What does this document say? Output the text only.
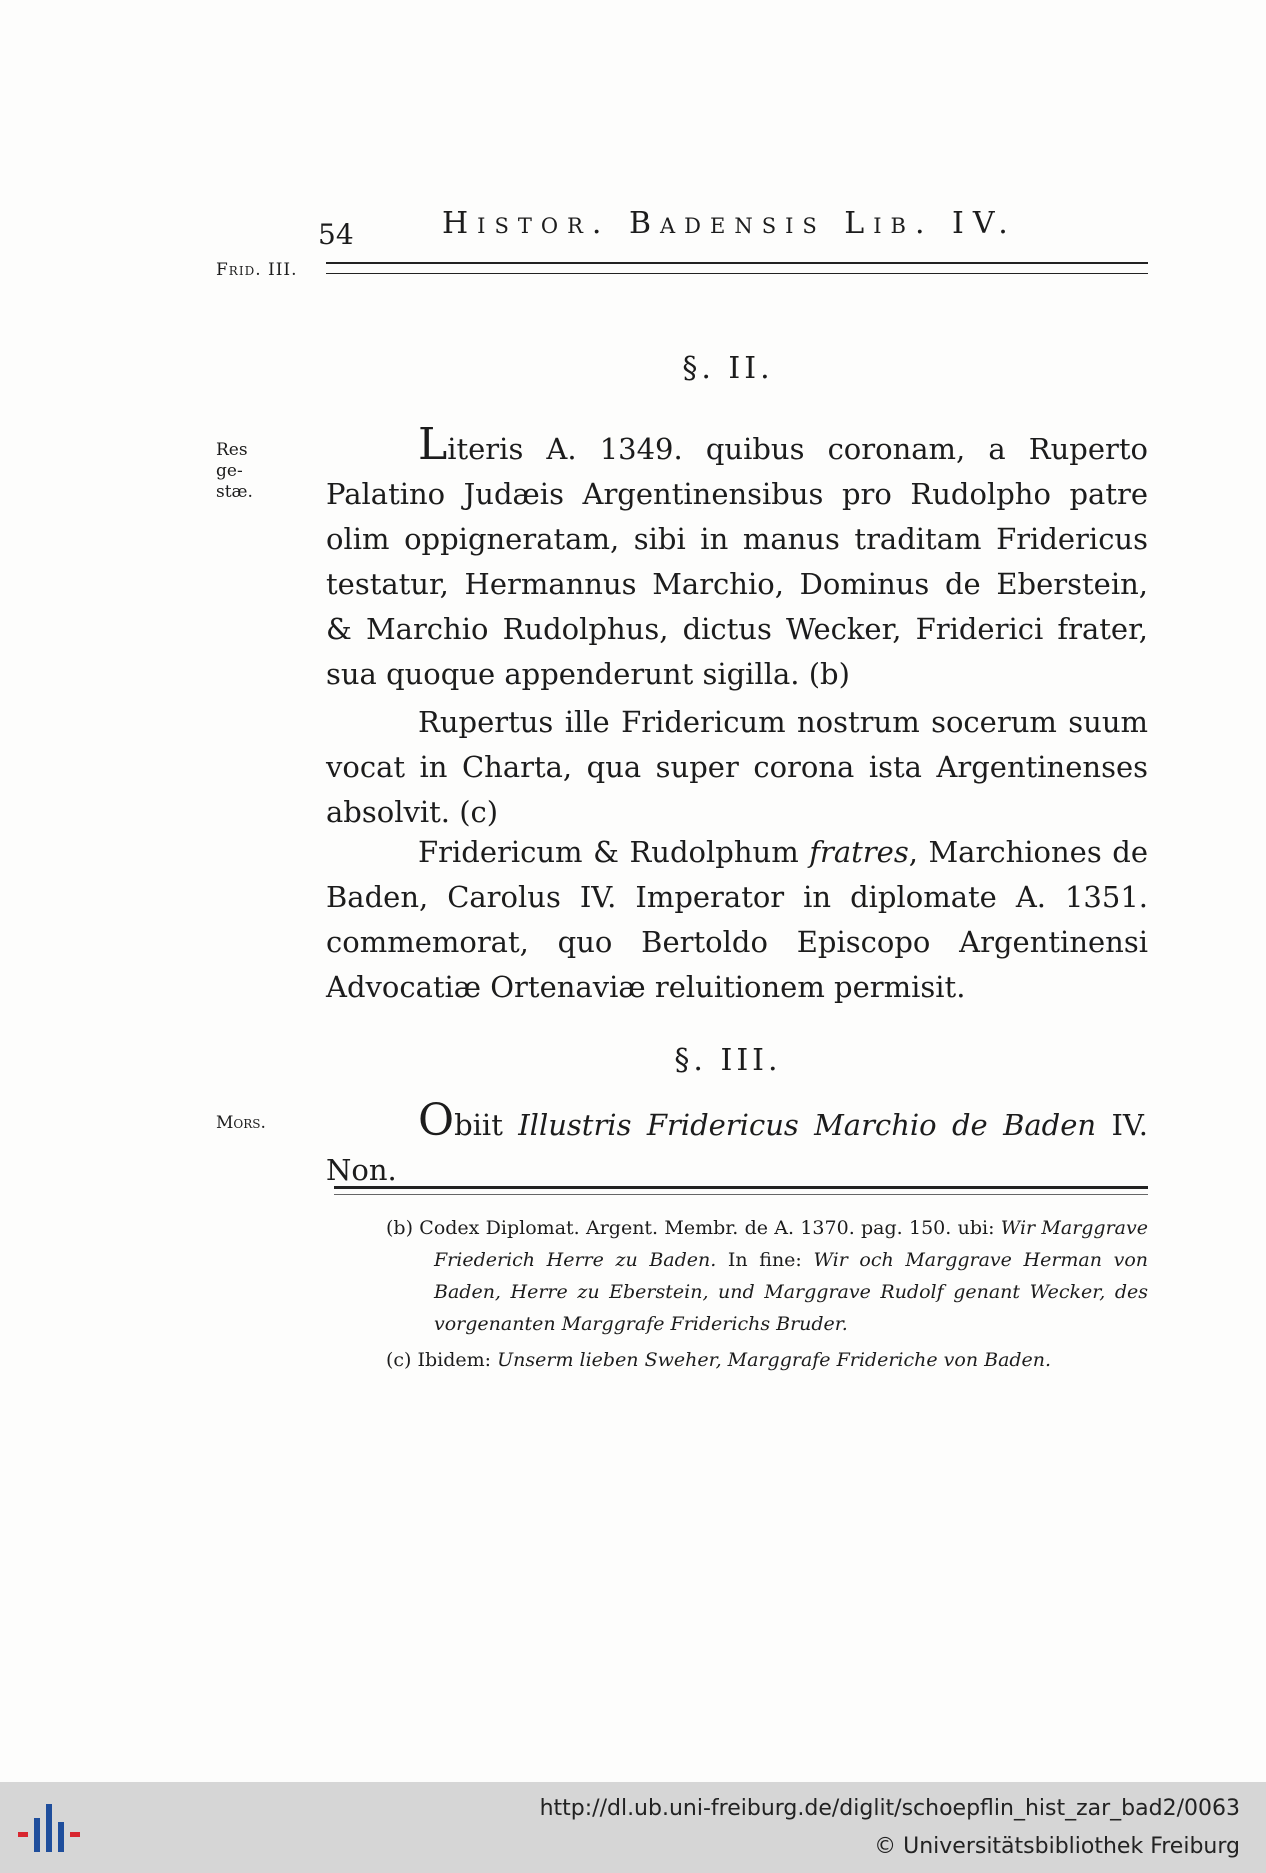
54	Histor. Badensis Lib. IV.
Frid. III.
§. II.
Res ge- stæ.

Literis A. 1349. quibus coronam, a Ruperto Palatino Judæis Argentinensibus pro Rudolpho patre olim oppigneratam, sibi in manus traditam Fridericus testatur, Hermannus Marchio, Dominus de Eberstein, & Marchio Rudolphus, dictus Wecker, Friderici frater, sua quoque appenderunt sigilla. (b)

Rupertus ille Fridericum nostrum socerum suum vocat in Charta, qua super corona ista Argentinenses absolvit. (c)

Fridericum & Rudolphum fratres, Marchiones de Baden, Carolus IV. Imperator in diplomate A. 1351. commemorat, quo Bertoldo Episcopo Argentinensi Advocatiæ Ortenaviæ reluitionem permisit.

§. III.
Mors.	Obiit Illustris Fridericus Marchio de Baden IV. Non.

(b) Codex Diplomat. Argent. Membr. de A. 1370. pag. 150. ubi: Wir Marggrave Friederich Herre zu Baden. In fine: Wir och Marggrave Herman von Baden, Herre zu Eberstein, und Marggrave Rudolf genant Wecker, des vorgenanten Marggrafe Friderichs Bruder.

(c) Ibidem: Unserm lieben Sweher, Marggrafe Frideriche von Baden.

http://dl.ub.uni-freiburg.de/diglit/schoepflin_hist_zar_bad2/0063
© Universitätsbibliothek Freiburg
